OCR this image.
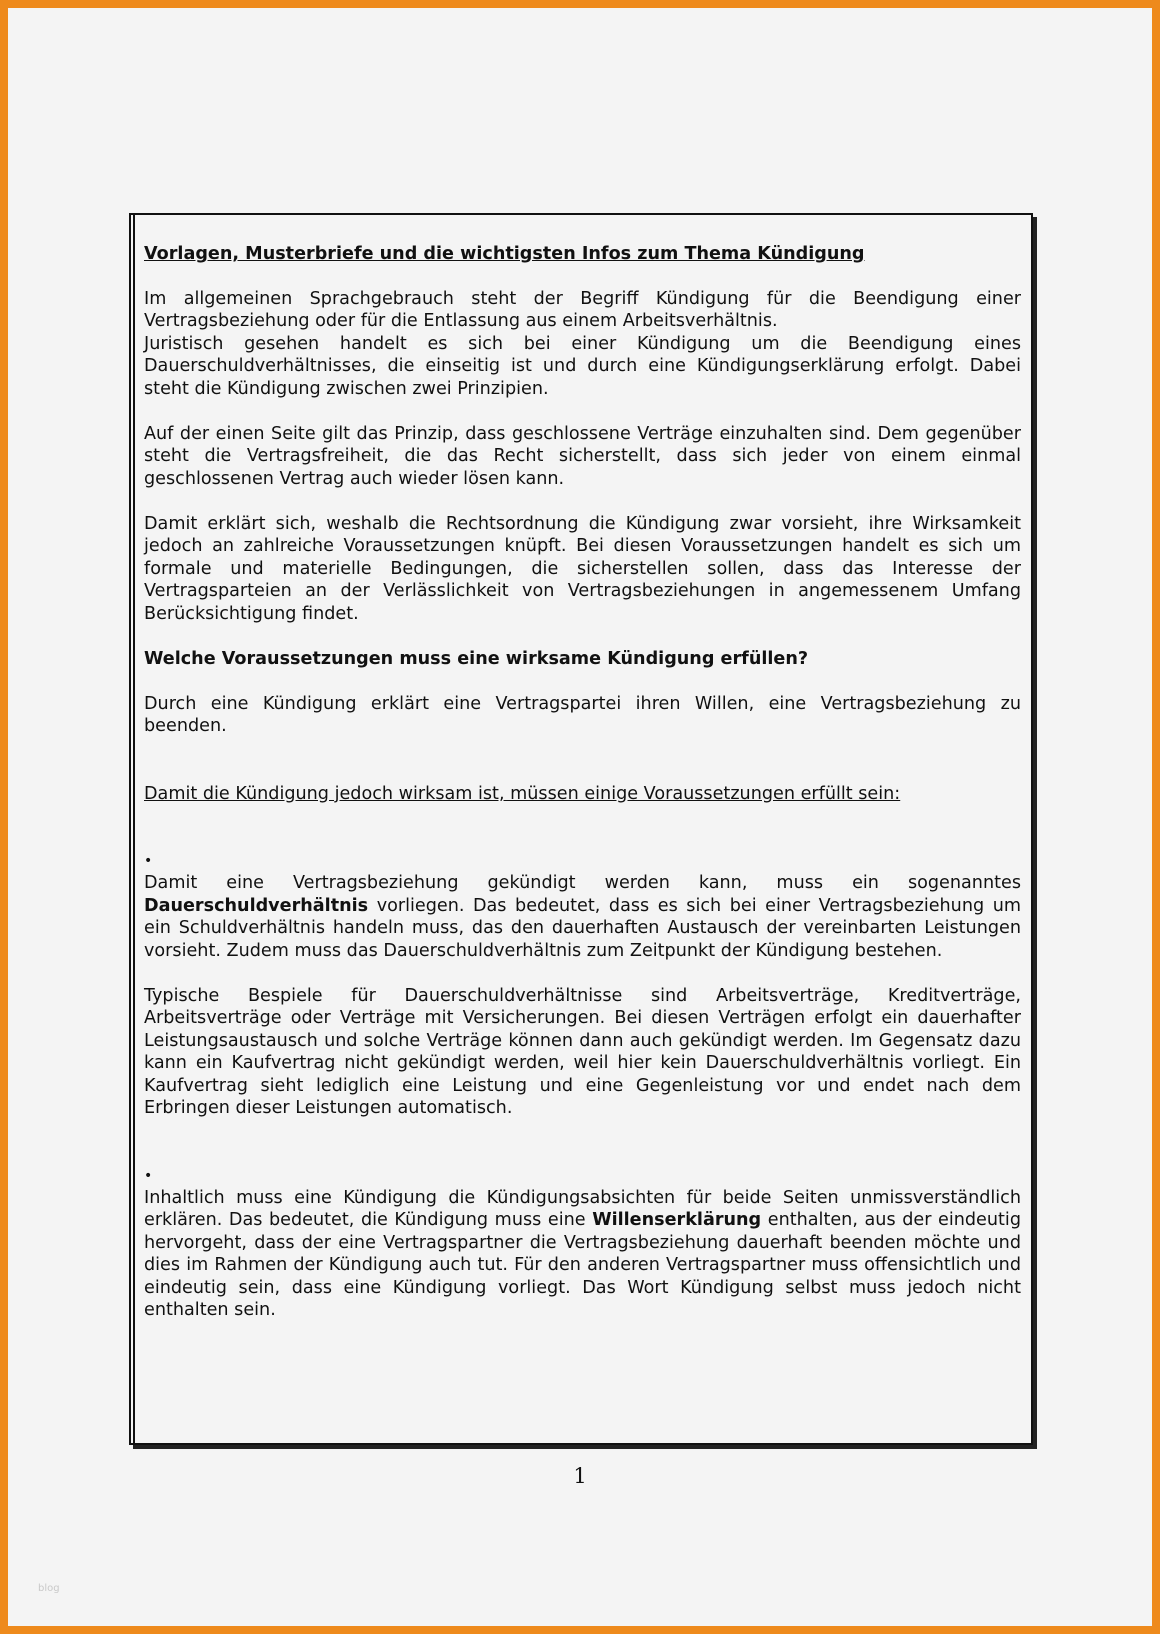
Vorlagen, Musterbriefe und die wichtigsten Infos zum Thema Kündigung

Im allgemeinen Sprachgebrauch steht der Begriff Kündigung für die Beendigung einer Vertragsbeziehung oder für die Entlassung aus einem Arbeitsverhältnis.

Juristisch gesehen handelt es sich bei einer Kündigung um die Beendigung eines Dauerschuldverhältnisses, die einseitig ist und durch eine Kündigungserklärung erfolgt. Dabei steht die Kündigung zwischen zwei Prinzipien.

Auf der einen Seite gilt das Prinzip, dass geschlossene Verträge einzuhalten sind. Dem gegenüber steht die Vertragsfreiheit, die das Recht sicherstellt, dass sich jeder von einem einmal geschlossenen Vertrag auch wieder lösen kann.

Damit erklärt sich, weshalb die Rechtsordnung die Kündigung zwar vorsieht, ihre Wirksamkeit jedoch an zahlreiche Voraussetzungen knüpft. Bei diesen Voraussetzungen handelt es sich um formale und materielle Bedingungen, die sicherstellen sollen, dass das Interesse der Vertragsparteien an der Verlässlichkeit von Vertragsbeziehungen in angemessenem Umfang Berücksichtigung findet.

Welche Voraussetzungen muss eine wirksame Kündigung erfüllen?

Durch eine Kündigung erklärt eine Vertragspartei ihren Willen, eine Vertragsbeziehung zu beenden.

Damit die Kündigung jedoch wirksam ist, müssen einige Voraussetzungen erfüllt sein:

•

Damit eine Vertragsbeziehung gekündigt werden kann, muss ein sogenanntes Dauerschuldverhältnis vorliegen. Das bedeutet, dass es sich bei einer Vertragsbeziehung um ein Schuldverhältnis handeln muss, das den dauerhaften Austausch der vereinbarten Leistungen vorsieht. Zudem muss das Dauerschuldverhältnis zum Zeitpunkt der Kündigung bestehen.

Typische Bespiele für Dauerschuldverhältnisse sind Arbeitsverträge, Kreditverträge, Arbeitsverträge oder Verträge mit Versicherungen. Bei diesen Verträgen erfolgt ein dauerhafter Leistungsaustausch und solche Verträge können dann auch gekündigt werden. Im Gegensatz dazu kann ein Kaufvertrag nicht gekündigt werden, weil hier kein Dauerschuldverhältnis vorliegt. Ein Kaufvertrag sieht lediglich eine Leistung und eine Gegenleistung vor und endet nach dem Erbringen dieser Leistungen automatisch.

•

Inhaltlich muss eine Kündigung die Kündigungsabsichten für beide Seiten unmissverständlich erklären. Das bedeutet, die Kündigung muss eine Willenserklärung enthalten, aus der eindeutig hervorgeht, dass der eine Vertragspartner die Vertragsbeziehung dauerhaft beenden möchte und dies im Rahmen der Kündigung auch tut. Für den anderen Vertragspartner muss offensichtlich und eindeutig sein, dass eine Kündigung vorliegt. Das Wort Kündigung selbst muss jedoch nicht enthalten sein.

1
blog
